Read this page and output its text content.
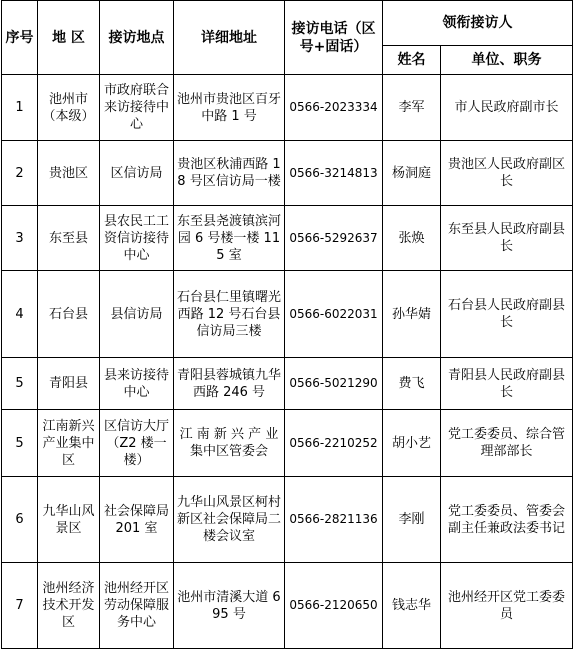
序号	地 区	接访地点	详细地址	接访电话（区号+固话）	领衔接访人	
					姓名	单位、职务
1	池州市（本级）	市政府联合来访接待中心	池州市贵池区百牙中路 1 号	0566-2023334	李军	市人民政府副市长
2	贵池区	区信访局	贵池区秋浦西路 18 号区信访局一楼	0566-3214813	杨洞庭	贵池区人民政府副区长
3	东至县	县农民工工资信访接待中心	东至县尧渡镇滨河园 6 号楼一楼 115 室	0566-5292637	张焕	东至县人民政府副县长
4	石台县	县信访局	石台县仁里镇曙光西路 12 号石台县信访局三楼	0566-6022031	孙华婧	石台县人民政府副县长
5	青阳县	县来访接待中心	青阳县蓉城镇九华西路 246 号	0566-5021290	费飞	青阳县人民政府副县长
5	江南新兴产业集中区	区信访大厅（Z2 楼一楼）	江 南 新 兴 产 业集中区管委会	0566-2210252	胡小艺	党工委委员、综合管理部部长
6	九华山风景区	社会保障局 201 室	九华山风景区柯村新区社会保障局二楼会议室	0566-2821136	李刚	党工委委员、管委会副主任兼政法委书记
7	池州经济技术开发区	池州经开区劳动保障服务中心	池州市清溪大道 695 号	0566-2120650	钱志华	池州经开区党工委委员
